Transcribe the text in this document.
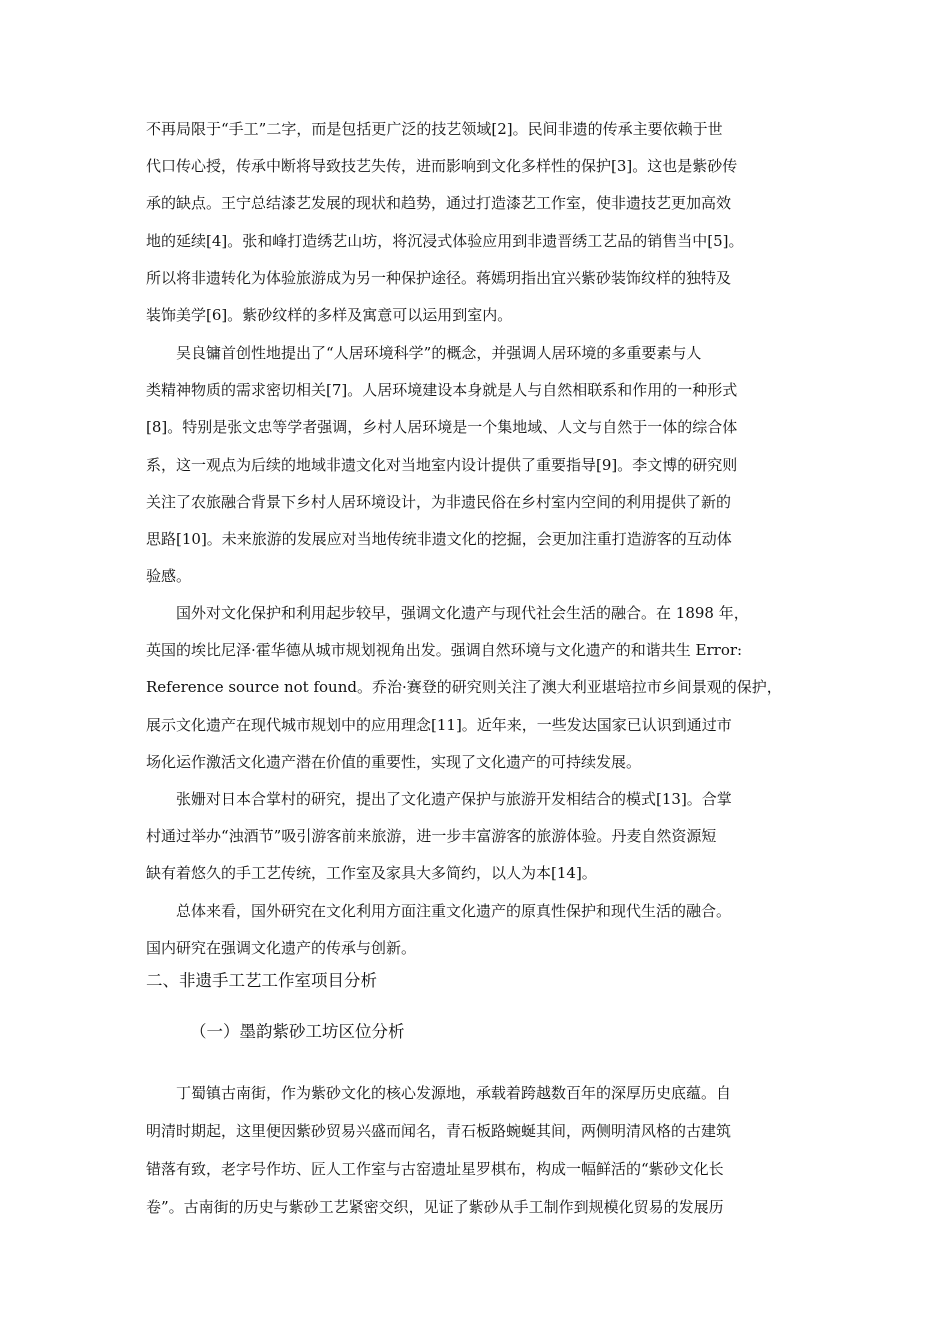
不再局限于“手工”二字，而是包括更广泛的技艺领域[2]。民间非遗的传承主要依赖于世
代口传心授，传承中断将导致技艺失传，进而影响到文化多样性的保护[3]。这也是紫砂传
承的缺点。王宁总结漆艺发展的现状和趋势，通过打造漆艺工作室，使非遗技艺更加高效
地的延续[4]。张和峰打造绣艺山坊，将沉浸式体验应用到非遗晋绣工艺品的销售当中[5]。
所以将非遗转化为体验旅游成为另一种保护途径。蒋嫣玥指出宜兴紫砂装饰纹样的独特及
装饰美学[6]。紫砂纹样的多样及寓意可以运用到室内。
　　吴良镛首创性地提出了“人居环境科学”的概念，并强调人居环境的多重要素与人
类精神物质的需求密切相关[7]。人居环境建设本身就是人与自然相联系和作用的一种形式
[8]。特别是张文忠等学者强调，乡村人居环境是一个集地域、人文与自然于一体的综合体
系，这一观点为后续的地域非遗文化对当地室内设计提供了重要指导[9]。李文博的研究则
关注了农旅融合背景下乡村人居环境设计，为非遗民俗在乡村室内空间的利用提供了新的
思路[10]。未来旅游的发展应对当地传统非遗文化的挖掘，会更加注重打造游客的互动体
验感。
　　国外对文化保护和利用起步较早，强调文化遗产与现代社会生活的融合。在 1898 年，
英国的埃比尼泽·霍华德从城市规划视角出发。强调自然环境与文化遗产的和谐共生 Error:
Reference source not found。乔治·赛登的研究则关注了澳大利亚堪培拉市乡间景观的保护，
展示文化遗产在现代城市规划中的应用理念[11]。近年来，一些发达国家已认识到通过市
场化运作激活文化遗产潜在价值的重要性，实现了文化遗产的可持续发展。
　　张姗对日本合掌村的研究，提出了文化遗产保护与旅游开发相结合的模式[13]。合掌
村通过举办“浊酒节”吸引游客前来旅游，进一步丰富游客的旅游体验。丹麦自然资源短
缺有着悠久的手工艺传统，工作室及家具大多简约，以人为本[14]。
　　总体来看，国外研究在文化利用方面注重文化遗产的原真性保护和现代生活的融合。
国内研究在强调文化遗产的传承与创新。
二、非遗手工艺工作室项目分析
（一）墨韵紫砂工坊区位分析
　　丁蜀镇古南街，作为紫砂文化的核心发源地，承载着跨越数百年的深厚历史底蕴。自
明清时期起，这里便因紫砂贸易兴盛而闻名，青石板路蜿蜒其间，两侧明清风格的古建筑
错落有致，老字号作坊、匠人工作室与古窑遗址星罗棋布，构成一幅鲜活的“紫砂文化长
卷”。古南街的历史与紫砂工艺紧密交织，见证了紫砂从手工制作到规模化贸易的发展历
